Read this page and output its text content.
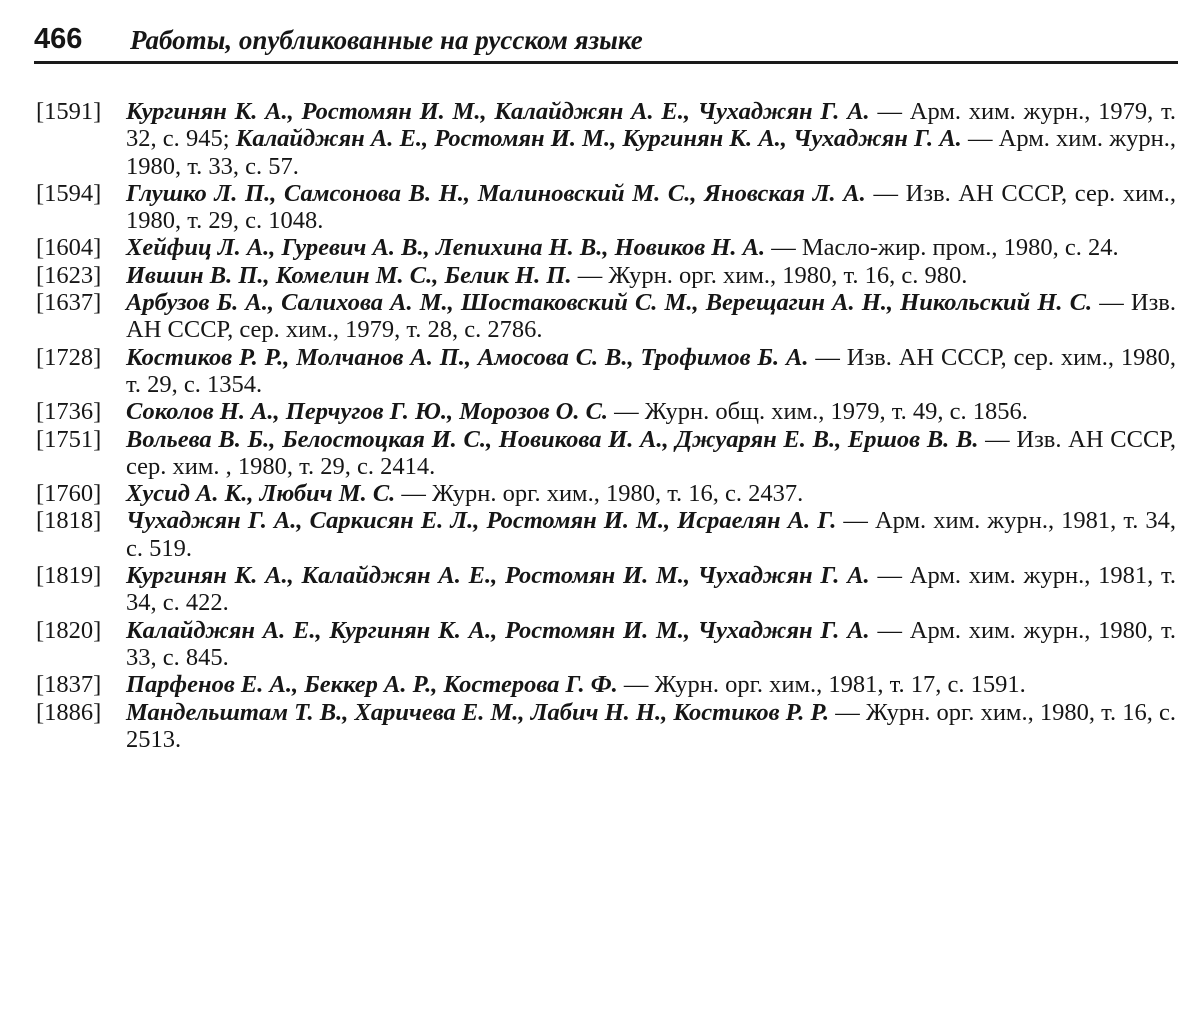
466	Работы, опубликованные на русском языке
[1591]	Кургинян К. А., Ростомян И. М., Калайджян А. Е., Чухаджян Г. А. — Арм. хим. журн., 1979, т. 32, с. 945; Калайджян А. Е., Ростомян И. М., Кургинян К. А., Чухаджян Г. А. — Арм. хим. журн., 1980, т. 33, с. 57.
[1594]	Глушко Л. П., Самсонова В. Н., Малиновский М. С., Яновская Л. А. — Изв. АН СССР, сер. хим., 1980, т. 29, с. 1048.
[1604]	Хейфиц Л. А., Гуревич А. В., Лепихина Н. В., Новиков Н. А. — Масло-жир. пром., 1980, с. 24.
[1623]	Ившин В. П., Комелин М. С., Белик Н. П. — Журн. орг. хим., 1980, т. 16, с. 980.
[1637]	Арбузов Б. А., Салихова А. М., Шостаковский С. М., Верещагин А. Н., Никольский Н. С. — Изв. АН СССР, сер. хим., 1979, т. 28, с. 2786.
[1728]	Костиков Р. Р., Молчанов А. П., Амосова С. В., Трофимов Б. А. — Изв. АН СССР, сер. хим., 1980, т. 29, с. 1354.
[1736]	Соколов Н. А., Перчугов Г. Ю., Морозов О. С. — Журн. общ. хим., 1979, т. 49, с. 1856.
[1751]	Вольева В. Б., Белостоцкая И. С., Новикова И. А., Джуарян Е. В., Ершов В. В. — Изв. АН СССР, сер. хим. , 1980, т. 29, с. 2414.
[1760]	Хусид А. К., Любич М. С. — Журн. орг. хим., 1980, т. 16, с. 2437.
[1818]	Чухаджян Г. А., Саркисян Е. Л., Ростомян И. М., Исраелян А. Г. — Арм. хим. журн., 1981, т. 34, с. 519.
[1819]	Кургинян К. А., Калайджян А. Е., Ростомян И. М., Чухаджян Г. А. — Арм. хим. журн., 1981, т. 34, с. 422.
[1820]	Калайджян А. Е., Кургинян К. А., Ростомян И. М., Чухаджян Г. А. — Арм. хим. журн., 1980, т. 33, с. 845.
[1837]	Парфенов Е. А., Беккер А. Р., Костерова Г. Ф. — Журн. орг. хим., 1981, т. 17, с. 1591.
[1886]	Мандельштам Т. В., Харичева Е. М., Лабич Н. Н., Костиков Р. Р. — Журн. орг. хим., 1980, т. 16, с. 2513.
